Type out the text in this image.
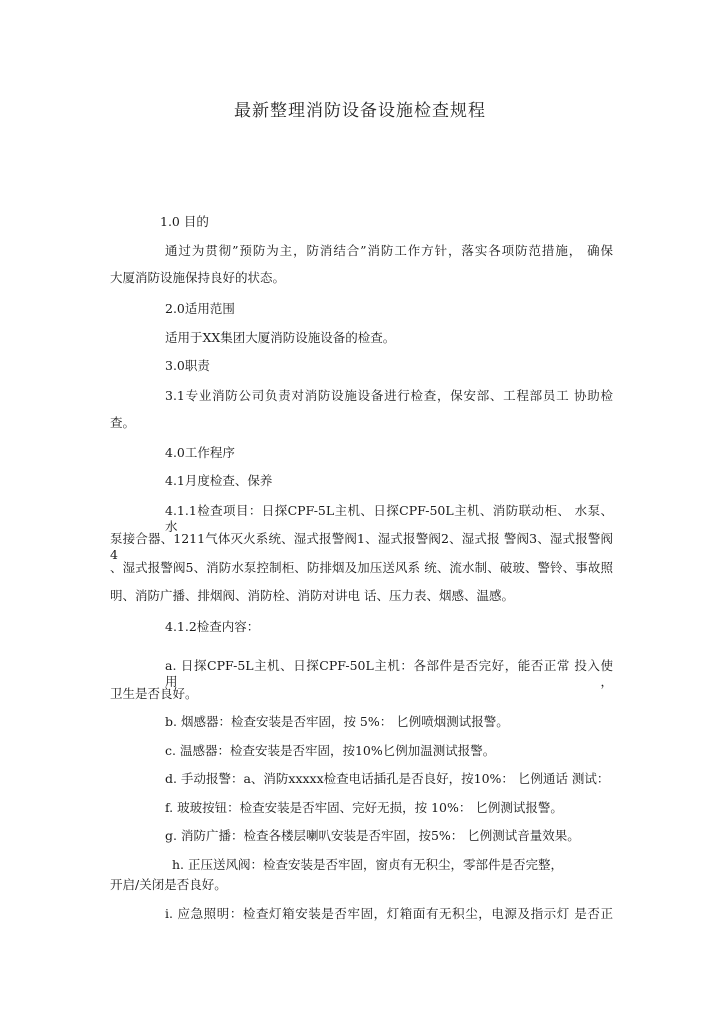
最新整理消防设备设施检查规程
1.0 目的
通过为贯彻”预防为主，防消结合”消防工作方针，落实各项防范措施， 确保
大厦消防设施保持良好的状态。
2.0适用范围
适用于XX集团大厦消防设施设备的检查。
3.0职责
3.1专业消防公司负责对消防设施设备进行检查，保安部、工程部员工 协助检
查。
4.0工作程序
4.1月度检查、保养
4.1.1检查项目：日探CPF-5L主机、日探CPF-50L主机、消防联动柜、 水泵、水
泵接合器、1211气体灭火系统、湿式报警阀1、湿式报警阀2、湿式报 警阀3、湿式报警阀4
、湿式报警阀5、消防水泵控制柜、防排烟及加压送风系 统、流水制、破玻、警铃、事故照
明、消防广播、排烟阀、消防栓、消防对讲电 话、压力表、烟感、温感。
4.1.2检查内容：
a. 日探CPF-5L主机、日探CPF-50L主机：各部件是否完好，能否正常 投入使用，
卫生是否良好。
b. 烟感器：检查安装是否牢固，按 5%： 匕例喷烟测试报警。
c. 温感器：检查安装是否牢固，按10%匕例加温测试报警。
d. 手动报警：a、消防xxxxx检查电话插孔是否良好，按10%： 匕例通话 测试：
f. 玻玻按钮：检查安装是否牢固、完好无损，按 10%： 匕例测试报警。
g. 消防广播：检查各楼层喇叭安装是否牢固，按5%： 匕例测试音量效果。
h. 正压送风阀：检查安装是否牢固，窗贞有无积尘，零部件是否完整，
开启/关闭是否良好。
i. 应急照明：检查灯箱安装是否牢固，灯箱面有无积尘，电源及指示灯 是否正
